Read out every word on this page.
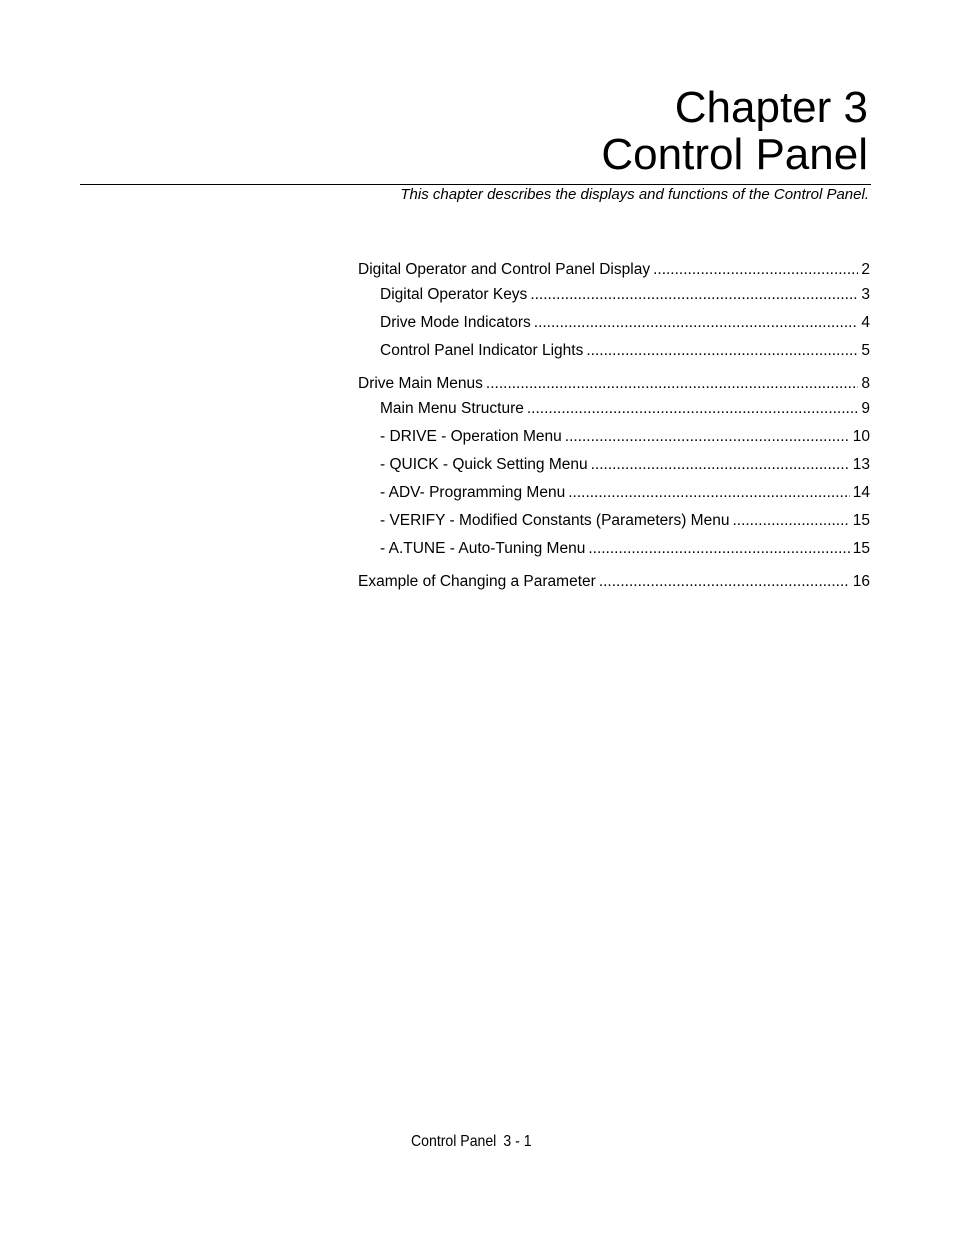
Chapter 3
Control Panel
This chapter describes the displays and functions of the Control Panel.
Digital Operator and Control Panel Display .....	2
Digital Operator Keys .....	3
Drive Mode Indicators .....	4
Control Panel Indicator Lights .....	5
Drive Main Menus .....	8
Main Menu Structure .....	9
- DRIVE - Operation Menu .....	10
- QUICK - Quick Setting Menu .....	13
- ADV- Programming Menu .....	14
- VERIFY - Modified Constants (Parameters) Menu .....	15
- A.TUNE - Auto-Tuning Menu .....	15
Example of Changing a Parameter .....	16
Control Panel 3 - 1
